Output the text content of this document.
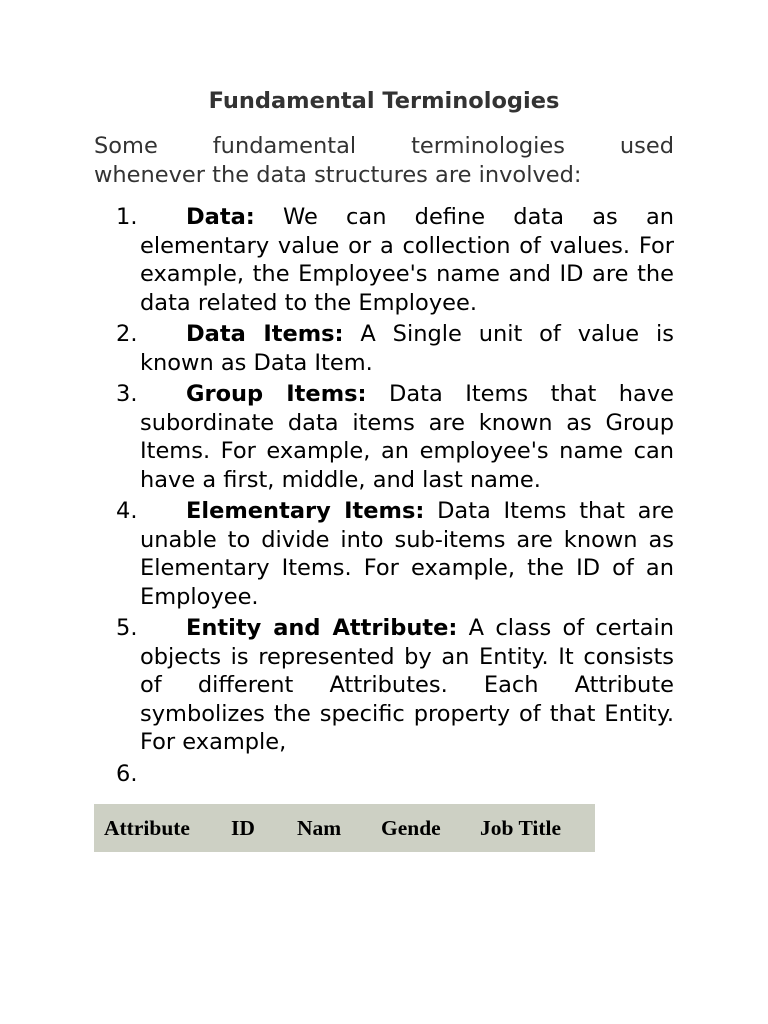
Fundamental Terminologies

Some fundamental terminologies used
whenever the data structures are involved:

1. Data: We can define data as an elementary value or a collection of values. For example, the Employee's name and ID are the data related to the Employee.
2. Data Items: A Single unit of value is known as Data Item.
3. Group Items: Data Items that have subordinate data items are known as Group Items. For example, an employee's name can have a first, middle, and last name.
4. Elementary Items: Data Items that are unable to divide into sub-items are known as Elementary Items. For example, the ID of an Employee.
5. Entity and Attribute: A class of certain objects is represented by an Entity. It consists of different Attributes. Each Attribute symbolizes the specific property of that Entity. For example,
6.
Attribute	ID	Nam	Gende	Job Title
